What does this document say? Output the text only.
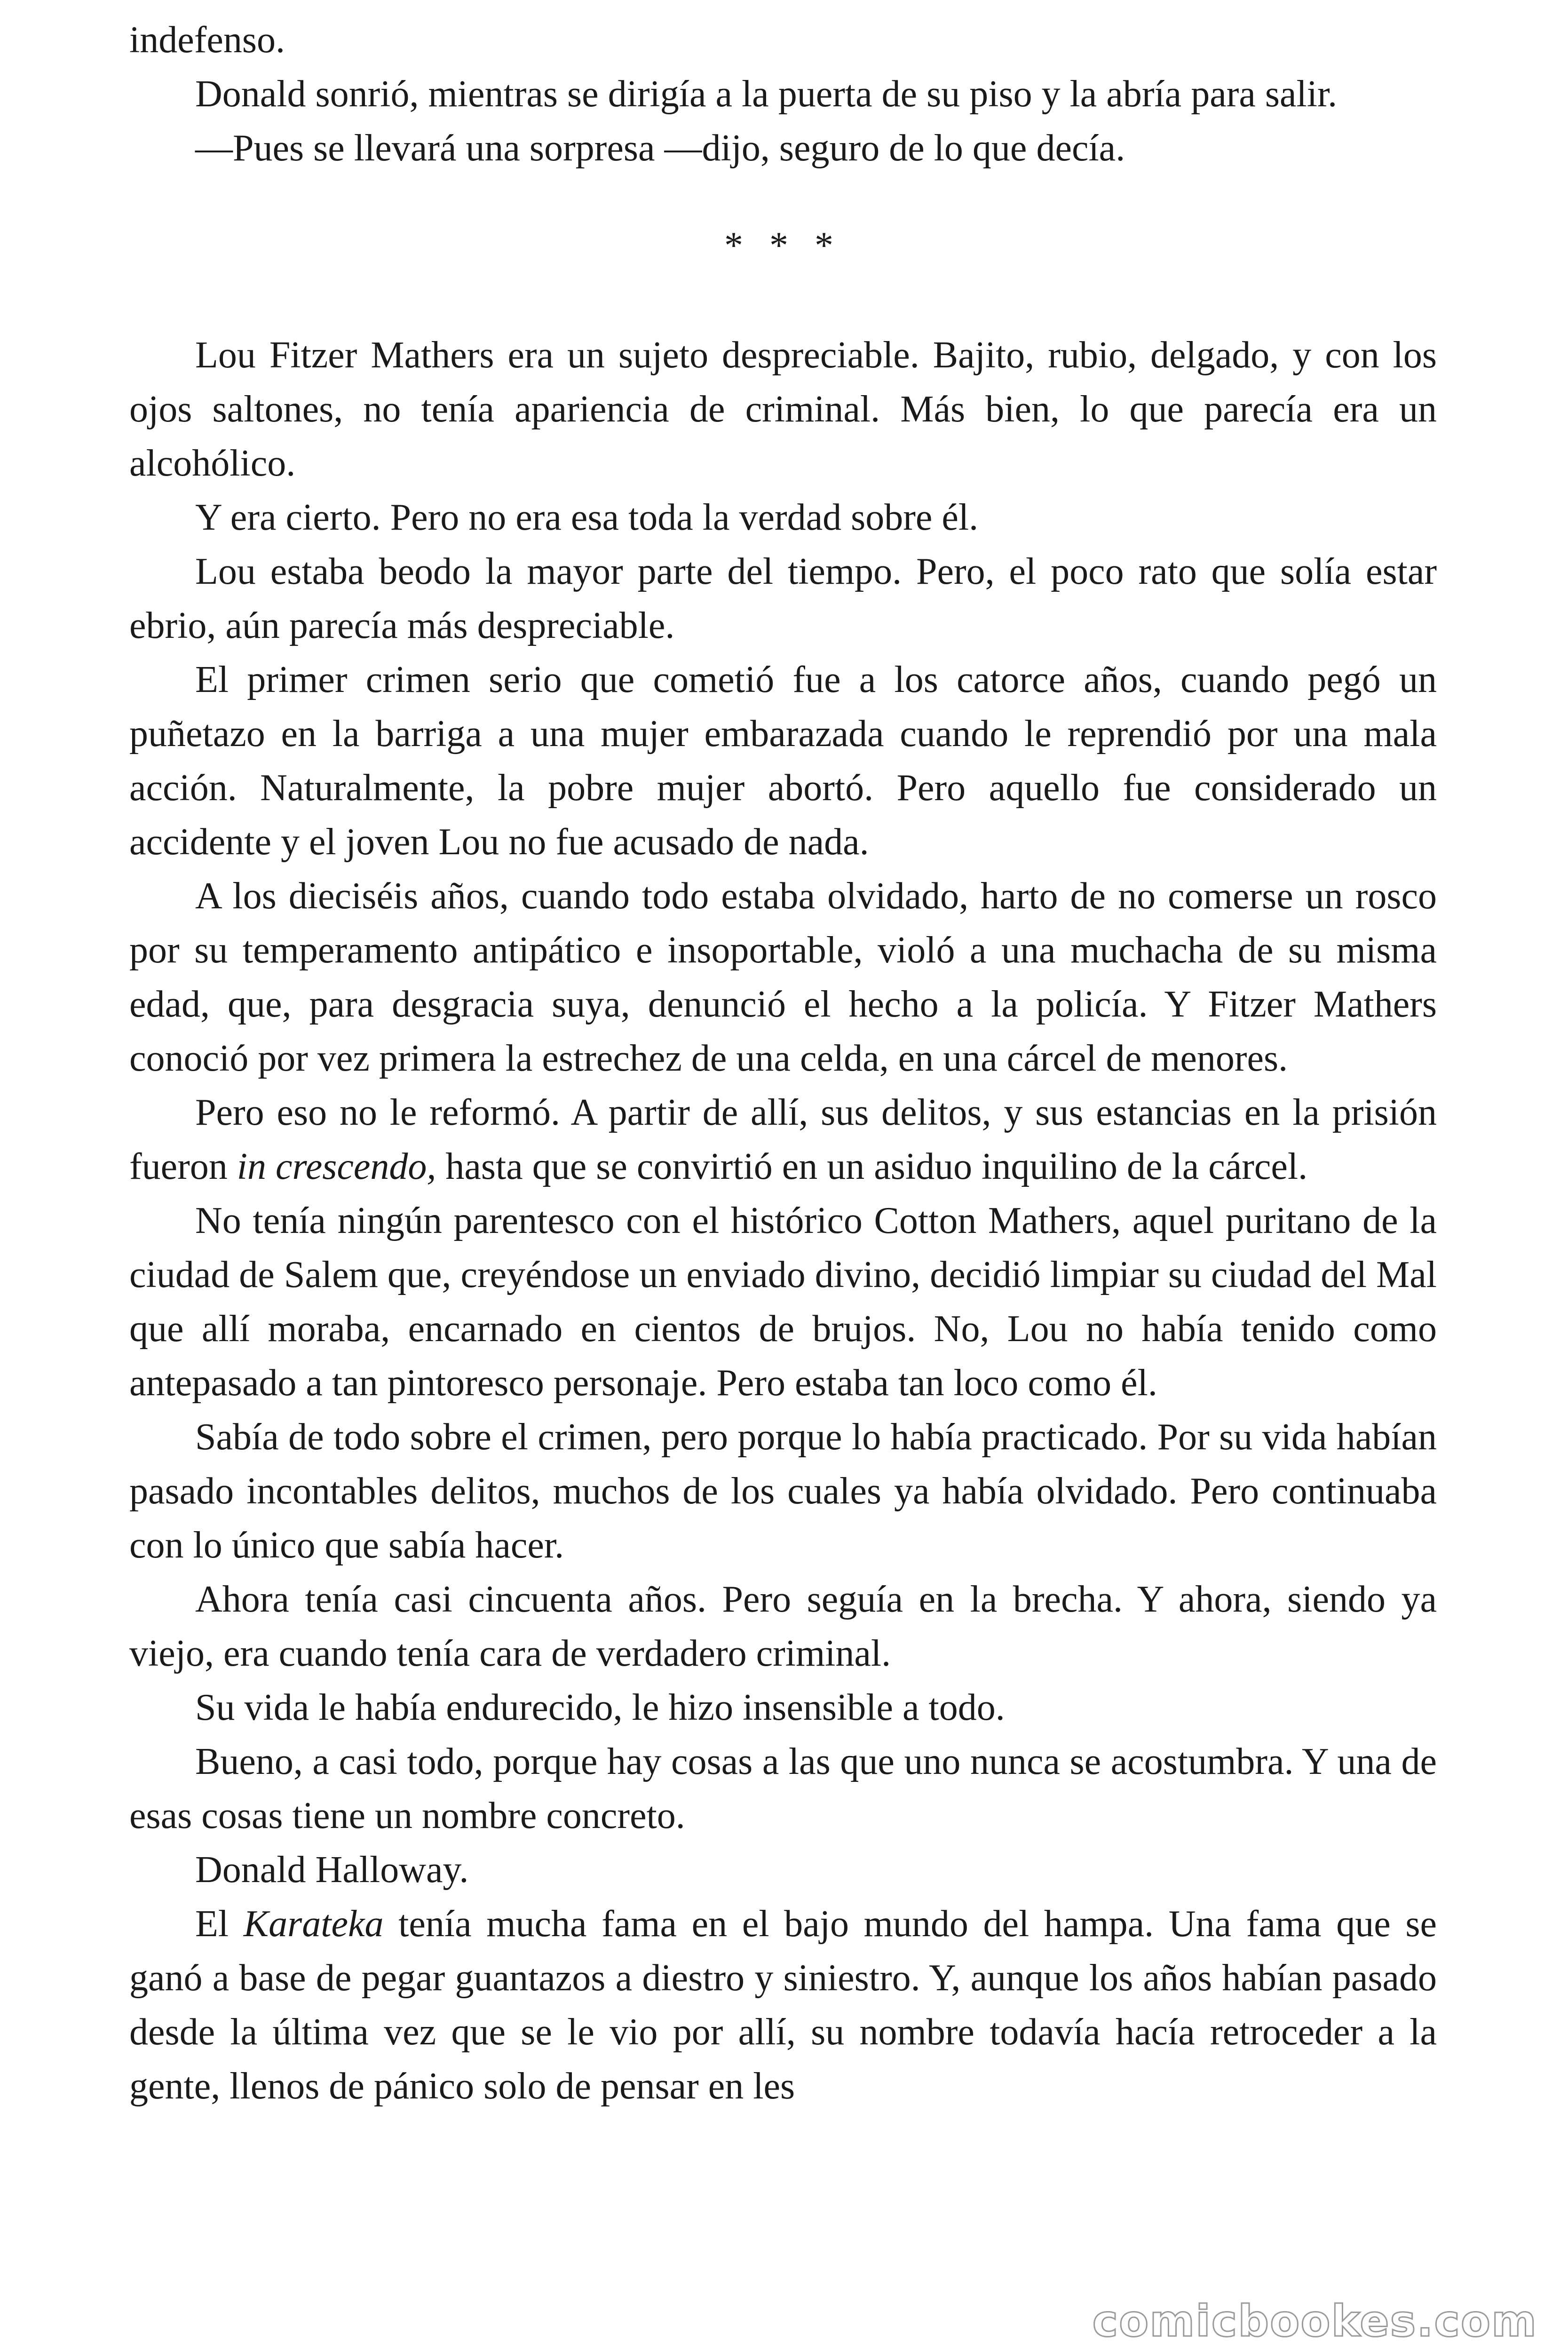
indefenso.

Donald sonrió, mientras se dirigía a la puerta de su piso y la abría para salir.

—Pues se llevará una sorpresa —dijo, seguro de lo que decía.

* * *

Lou Fitzer Mathers era un sujeto despreciable. Bajito, rubio, delgado, y con los ojos saltones, no tenía apariencia de criminal. Más bien, lo que parecía era un alcohólico.

Y era cierto. Pero no era esa toda la verdad sobre él.

Lou estaba beodo la mayor parte del tiempo. Pero, el poco rato que solía estar ebrio, aún parecía más despreciable.

El primer crimen serio que cometió fue a los catorce años, cuando pegó un puñetazo en la barriga a una mujer embarazada cuando le reprendió por una mala acción. Naturalmente, la pobre mujer abortó. Pero aquello fue considerado un accidente y el joven Lou no fue acusado de nada.

A los dieciséis años, cuando todo estaba olvidado, harto de no comerse un rosco por su temperamento antipático e insoportable, violó a una muchacha de su misma edad, que, para desgracia suya, denunció el hecho a la policía. Y Fitzer Mathers conoció por vez primera la estrechez de una celda, en una cárcel de menores.

Pero eso no le reformó. A partir de allí, sus delitos, y sus estancias en la prisión fueron in crescendo, hasta que se convirtió en un asiduo inquilino de la cárcel.

No tenía ningún parentesco con el histórico Cotton Mathers, aquel puritano de la ciudad de Salem que, creyéndose un enviado divino, decidió limpiar su ciudad del Mal que allí moraba, encarnado en cientos de brujos. No, Lou no había tenido como antepasado a tan pintoresco personaje. Pero estaba tan loco como él.

Sabía de todo sobre el crimen, pero porque lo había practicado. Por su vida habían pasado incontables delitos, muchos de los cuales ya había olvidado. Pero continuaba con lo único que sabía hacer.

Ahora tenía casi cincuenta años. Pero seguía en la brecha. Y ahora, siendo ya viejo, era cuando tenía cara de verdadero criminal.

Su vida le había endurecido, le hizo insensible a todo.

Bueno, a casi todo, porque hay cosas a las que uno nunca se acostumbra. Y una de esas cosas tiene un nombre concreto.

Donald Halloway.

El Karateka tenía mucha fama en el bajo mundo del hampa. Una fama que se ganó a base de pegar guantazos a diestro y siniestro. Y, aunque los años habían pasado desde la última vez que se le vio por allí, su nombre todavía hacía retroceder a la gente, llenos de pánico solo de pensar en les

comicbookes.com
